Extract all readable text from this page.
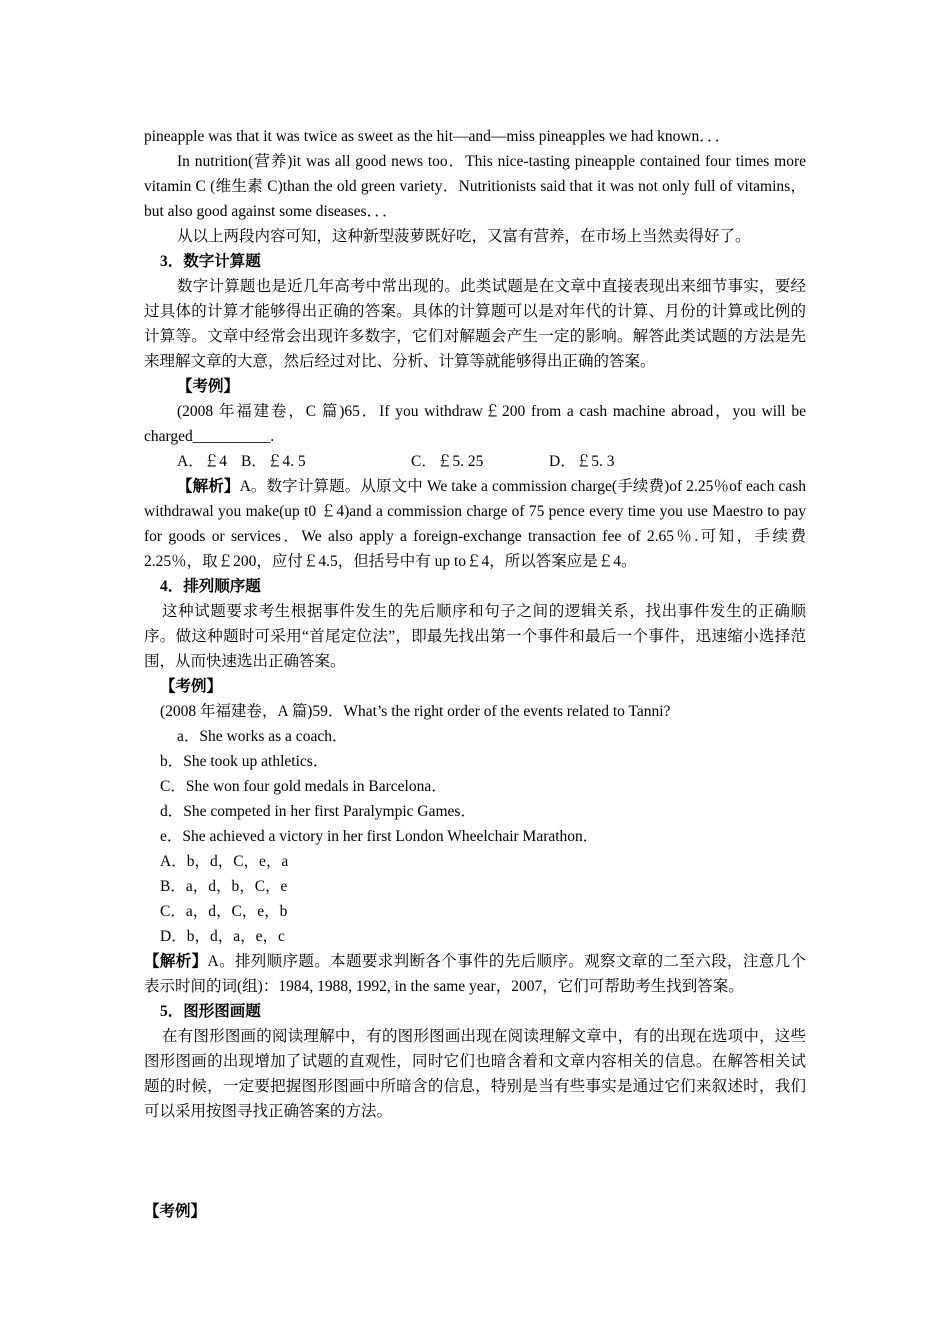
pineapple was that it was twice as sweet as the hit—and—miss pineapples we had known．．．
In nutrition(营养)it was all good news too．This nice-tasting pineapple contained four times more vitamin C (维生素 C)than the old green variety．Nutritionists said that it was not only full of vitamins，but also good against some diseases．．．
从以上两段内容可知，这种新型菠萝既好吃，又富有营养，在市场上当然卖得好了。
3．数字计算题
数字计算题也是近几年高考中常出现的。此类试题是在文章中直接表现出来细节事实，要经过具体的计算才能够得出正确的答案。具体的计算题可以是对年代的计算、月份的计算或比例的计算等。文章中经常会出现许多数字，它们对解题会产生一定的影响。解答此类试题的方法是先来理解文章的大意，然后经过对比、分析、计算等就能够得出正确的答案。
【考例】
(2008 年福建卷，C 篇)65．If you withdraw￡200 from a cash machine abroad，you will be charged__________.
A．￡4 B．￡4. 5	C．￡5. 25	D．￡5. 3
【解析】A。数字计算题。从原文中 We take a commission charge(手续费)of 2.25％of each cash withdrawal you make(up t0 ￡4)and a commission charge of 75 pence every time you use Maestro to pay for goods or services．We also apply a foreign-exchange transaction fee of 2.65％.可知，手续费 2.25％，取￡200，应付￡4.5，但括号中有 up to￡4，所以答案应是￡4。
4．排列顺序题
这种试题要求考生根据事件发生的先后顺序和句子之间的逻辑关系，找出事件发生的正确顺序。做这种题时可采用“首尾定位法”，即最先找出第一个事件和最后一个事件，迅速缩小选择范围，从而快速选出正确答案。
【考例】
(2008 年福建卷，A 篇)59．What’s the right order of the events related to Tanni?
a．She works as a coach．
b．She took up athletics．
C．She won four gold medals in Barcelona．
d．She competed in her first Paralympic Games．
e．She achieved a victory in her first London Wheelchair Marathon．
A．b，d，C，e，a
B．a，d，b，C，e
C．a，d，C，e，b
D．b，d，a，e，c
【解析】A。排列顺序题。本题要求判断各个事件的先后顺序。观察文章的二至六段，注意几个表示时间的词(组)：1984, 1988, 1992, in the same year，2007，它们可帮助考生找到答案。
5．图形图画题
在有图形图画的阅读理解中，有的图形图画出现在阅读理解文章中，有的出现在选项中，这些图形图画的出现增加了试题的直观性，同时它们也暗含着和文章内容相关的信息。在解答相关试题的时候，一定要把握图形图画中所暗含的信息，特别是当有些事实是通过它们来叙述时，我们可以采用按图寻找正确答案的方法。
【考例】
